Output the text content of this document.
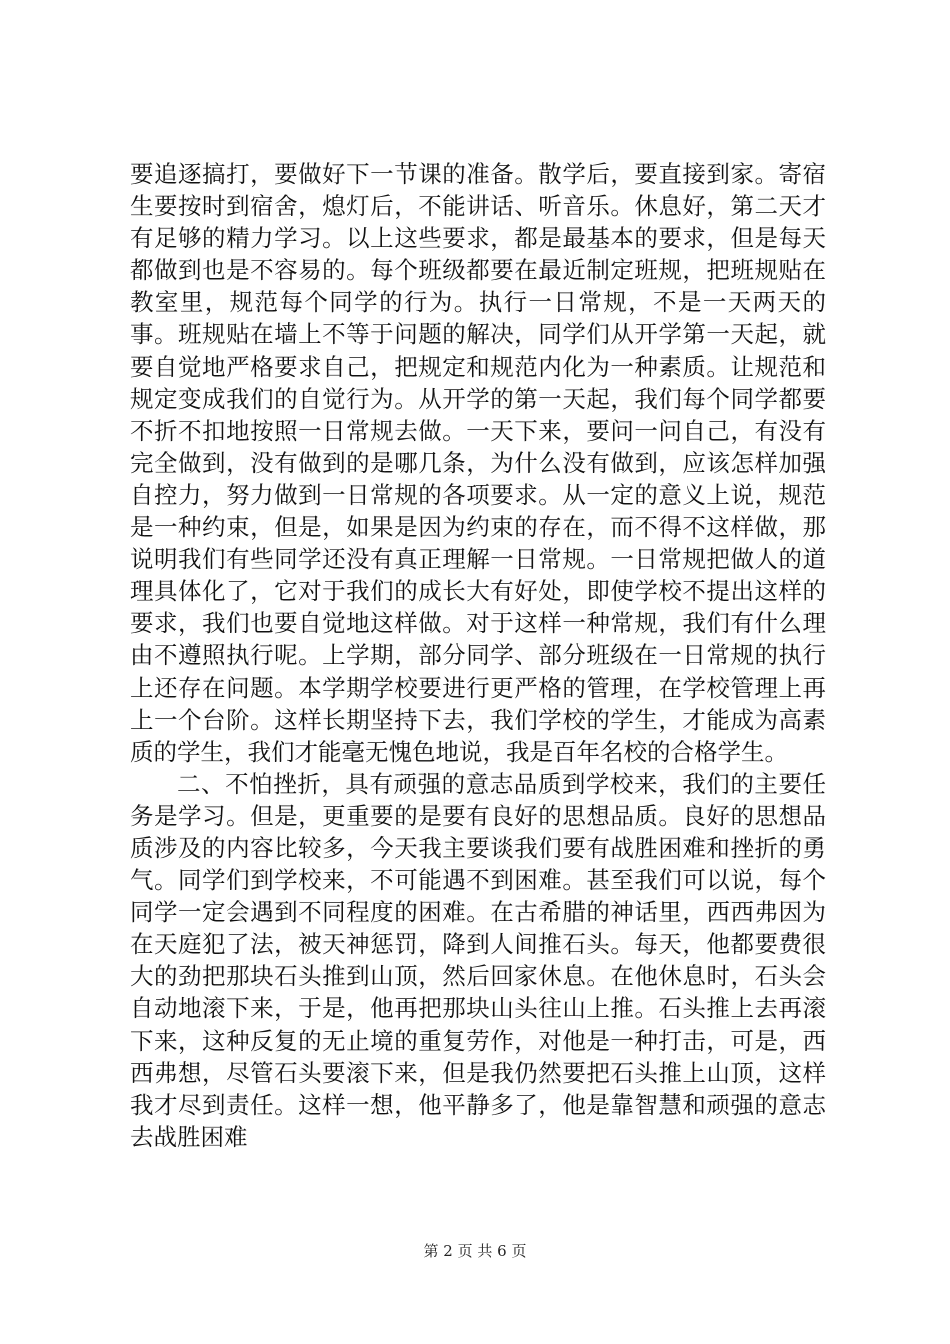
要追逐搞打，要做好下一节课的准备。散学后，要直接到家。寄宿生要按时到宿舍，熄灯后，不能讲话、听音乐。休息好，第二天才有足够的精力学习。以上这些要求，都是最基本的要求，但是每天都做到也是不容易的。每个班级都要在最近制定班规，把班规贴在教室里，规范每个同学的行为。执行一日常规，不是一天两天的事。班规贴在墙上不等于问题的解决，同学们从开学第一天起，就要自觉地严格要求自己，把规定和规范内化为一种素质。让规范和规定变成我们的自觉行为。从开学的第一天起，我们每个同学都要不折不扣地按照一日常规去做。一天下来，要问一问自己，有没有完全做到，没有做到的是哪几条，为什么没有做到，应该怎样加强自控力，努力做到一日常规的各项要求。从一定的意义上说，规范是一种约束，但是，如果是因为约束的存在，而不得不这样做，那说明我们有些同学还没有真正理解一日常规。一日常规把做人的道理具体化了，它对于我们的成长大有好处，即使学校不提出这样的要求，我们也要自觉地这样做。对于这样一种常规，我们有什么理由不遵照执行呢。上学期，部分同学、部分班级在一日常规的执行上还存在问题。本学期学校要进行更严格的管理，在学校管理上再上一个台阶。这样长期坚持下去，我们学校的学生，才能成为高素质的学生，我们才能毫无愧色地说，我是百年名校的合格学生。

二、不怕挫折，具有顽强的意志品质到学校来，我们的主要任务是学习。但是，更重要的是要有良好的思想品质。良好的思想品质涉及的内容比较多，今天我主要谈我们要有战胜困难和挫折的勇气。同学们到学校来，不可能遇不到困难。甚至我们可以说，每个同学一定会遇到不同程度的困难。在古希腊的神话里，西西弗因为在天庭犯了法，被天神惩罚，降到人间推石头。每天，他都要费很大的劲把那块石头推到山顶，然后回家休息。在他休息时，石头会自动地滚下来，于是，他再把那块山头往山上推。石头推上去再滚下来，这种反复的无止境的重复劳作，对他是一种打击，可是，西西弗想，尽管石头要滚下来，但是我仍然要把石头推上山顶，这样我才尽到责任。这样一想，他平静多了，他是靠智慧和顽强的意志去战胜困难

第 2 页 共 6 页
